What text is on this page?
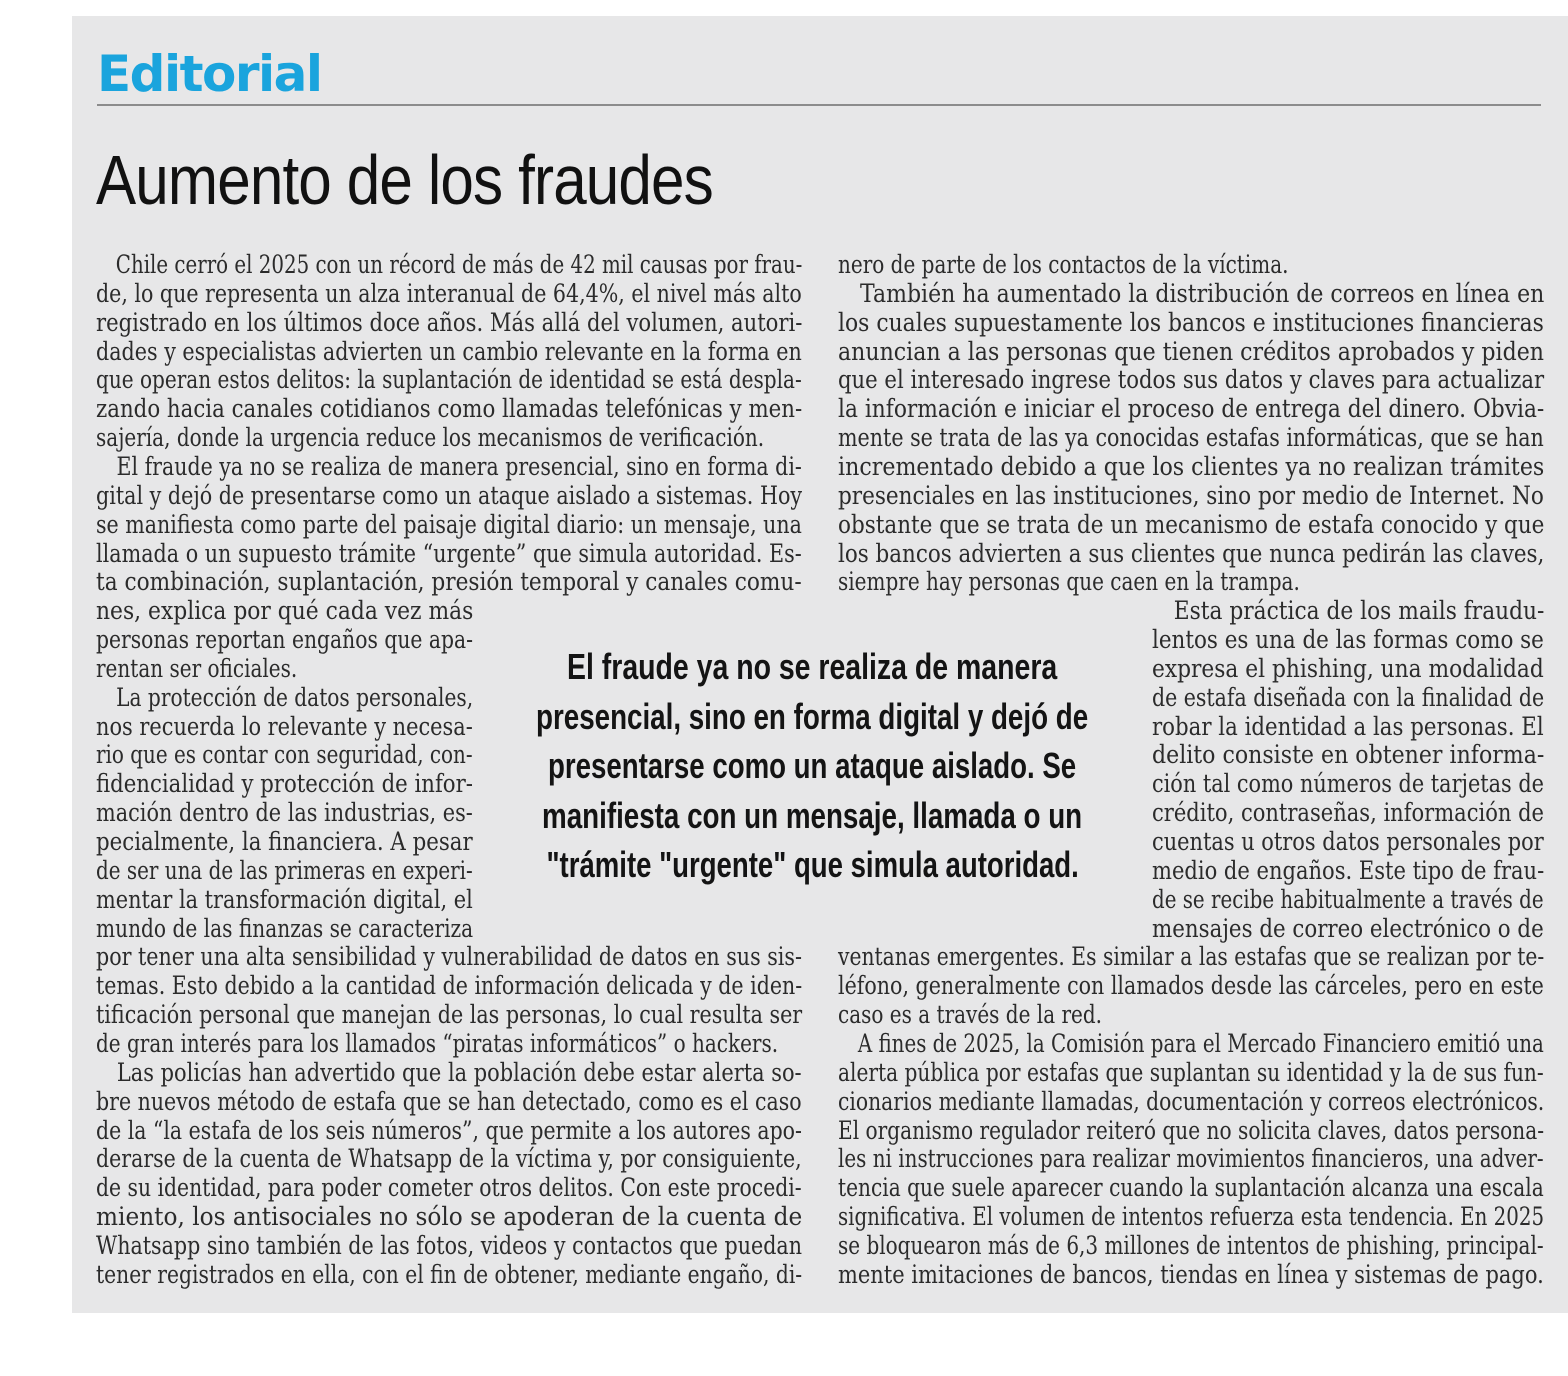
Editorial
Aumento de los fraudes
 Chile cerró el 2025 con un récord de más de 42 mil causas por frau-
de, lo que representa un alza interanual de 64,4%, el nivel más alto
registrado en los últimos doce años. Más allá del volumen, autori-
dades y especialistas advierten un cambio relevante en la forma en
que operan estos delitos: la suplantación de identidad se está despla-
zando hacia canales cotidianos como llamadas telefónicas y men-
sajería, donde la urgencia reduce los mecanismos de verificación.
 El fraude ya no se realiza de manera presencial, sino en forma di-
gital y dejó de presentarse como un ataque aislado a sistemas. Hoy
se manifiesta como parte del paisaje digital diario: un mensaje, una
llamada o un supuesto trámite “urgente” que simula autoridad. Es-
ta combinación, suplantación, presión temporal y canales comu-
nes, explica por qué cada vez más
personas reportan engaños que apa-
rentan ser oficiales.
 La protección de datos personales,
nos recuerda lo relevante y necesa-
rio que es contar con seguridad, con-
fidencialidad y protección de infor-
mación dentro de las industrias, es-
pecialmente, la financiera. A pesar
de ser una de las primeras en experi-
mentar la transformación digital, el
mundo de las finanzas se caracteriza
por tener una alta sensibilidad y vulnerabilidad de datos en sus sis-
temas. Esto debido a la cantidad de información delicada y de iden-
tificación personal que manejan de las personas, lo cual resulta ser
de gran interés para los llamados “piratas informáticos” o hackers.
 Las policías han advertido que la población debe estar alerta so-
bre nuevos método de estafa que se han detectado, como es el caso
de la “la estafa de los seis números”, que permite a los autores apo-
derarse de la cuenta de Whatsapp de la víctima y, por consiguiente,
de su identidad, para poder cometer otros delitos. Con este procedi-
miento, los antisociales no sólo se apoderan de la cuenta de
Whatsapp sino también de las fotos, videos y contactos que puedan
tener registrados en ella, con el fin de obtener, mediante engaño, di-
nero de parte de los contactos de la víctima.
 También ha aumentado la distribución de correos en línea en
los cuales supuestamente los bancos e instituciones financieras
anuncian a las personas que tienen créditos aprobados y piden
que el interesado ingrese todos sus datos y claves para actualizar
la información e iniciar el proceso de entrega del dinero. Obvia-
mente se trata de las ya conocidas estafas informáticas, que se han
incrementado debido a que los clientes ya no realizan trámites
presenciales en las instituciones, sino por medio de Internet. No
obstante que se trata de un mecanismo de estafa conocido y que
los bancos advierten a sus clientes que nunca pedirán las claves,
siempre hay personas que caen en la trampa.
 Esta práctica de los mails fraudu-
lentos es una de las formas como se
expresa el phishing, una modalidad
de estafa diseñada con la finalidad de
robar la identidad a las personas. El
delito consiste en obtener informa-
ción tal como números de tarjetas de
crédito, contraseñas, información de
cuentas u otros datos personales por
medio de engaños. Este tipo de frau-
de se recibe habitualmente a través de
mensajes de correo electrónico o de
ventanas emergentes. Es similar a las estafas que se realizan por te-
léfono, generalmente con llamados desde las cárceles, pero en este
caso es a través de la red.
 A fines de 2025, la Comisión para el Mercado Financiero emitió una
alerta pública por estafas que suplantan su identidad y la de sus fun-
cionarios mediante llamadas, documentación y correos electrónicos.
El organismo regulador reiteró que no solicita claves, datos persona-
les ni instrucciones para realizar movimientos financieros, una adver-
tencia que suele aparecer cuando la suplantación alcanza una escala
significativa. El volumen de intentos refuerza esta tendencia. En 2025
se bloquearon más de 6,3 millones de intentos de phishing, principal-
mente imitaciones de bancos, tiendas en línea y sistemas de pago.
El fraude ya no se realiza de manera
presencial, sino en forma digital y dejó de
presentarse como un ataque aislado. Se
manifiesta con un mensaje, llamada o un
"trámite "urgente" que simula autoridad.
